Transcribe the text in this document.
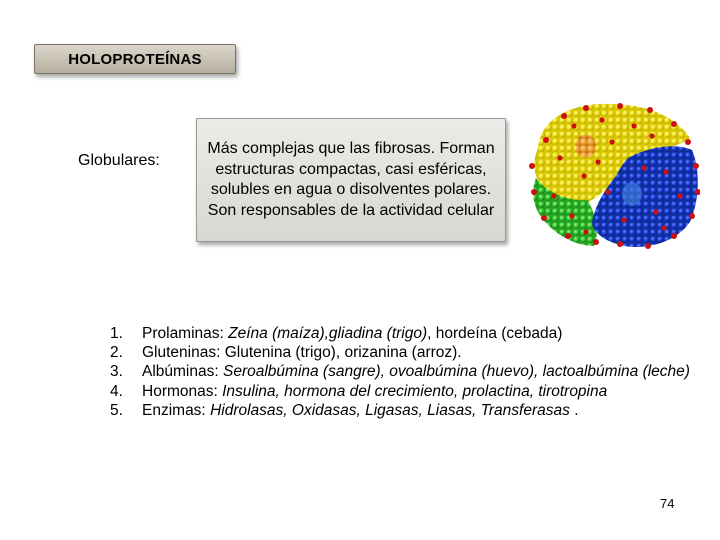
HOLOPROTEÍNAS
Globulares:
Más complejas que las fibrosas. Forman estructuras compactas, casi esféricas, solubles en agua o disolventes polares. Son responsables de la actividad celular
1. Prolaminas: Zeína (maíza),gliadina (trigo), hordeína (cebada)
2. Gluteninas: Glutenina (trigo), orizanina (arroz).
3. Albúminas: Seroalbúmina (sangre), ovoalbúmina (huevo), lactoalbúmina (leche)
4. Hormonas: Insulina, hormona del crecimiento, prolactina, tirotropina
5. Enzimas: Hidrolasas, Oxidasas, Ligasas, Liasas, Transferasas .
74
